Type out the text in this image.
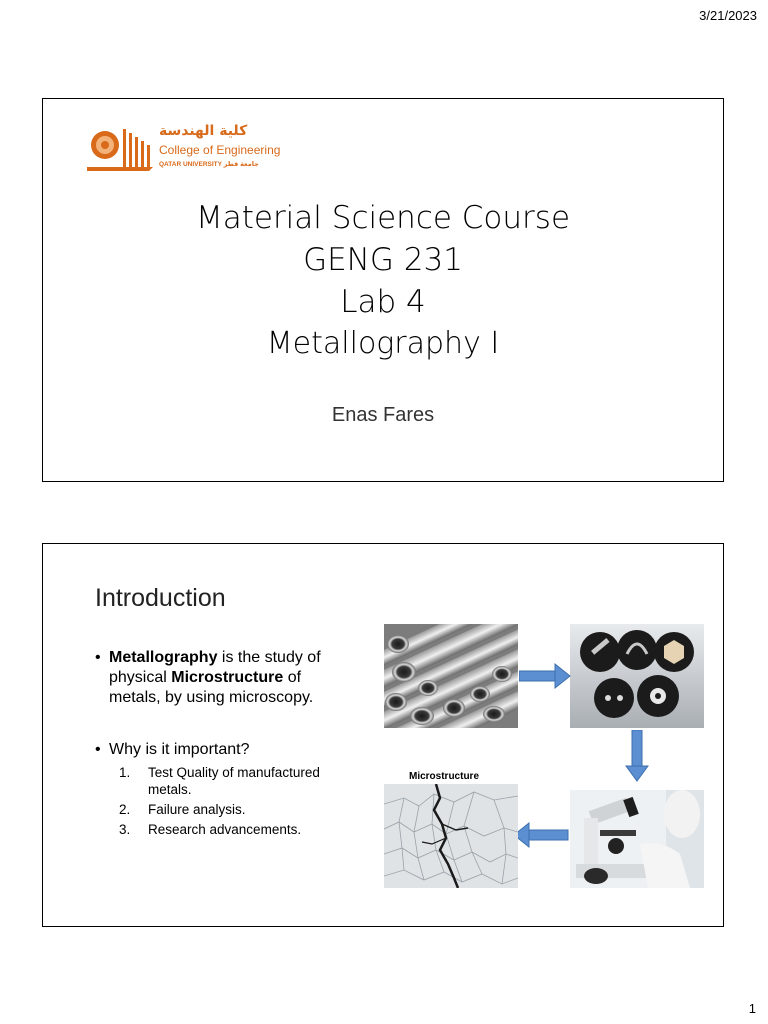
3/21/2023
كلية الهندسة
College of Engineering
QATAR UNIVERSITY جامعة قطر
Material Science Course
GENG 231
Lab 4
Metallography I
Enas Fares
Introduction
• Metallography is the study of physical Microstructure of metals, by using microscopy.
• Why is it important?
1. Test Quality of manufactured metals.
2. Failure analysis.
3. Research advancements.
Microstructure
1
